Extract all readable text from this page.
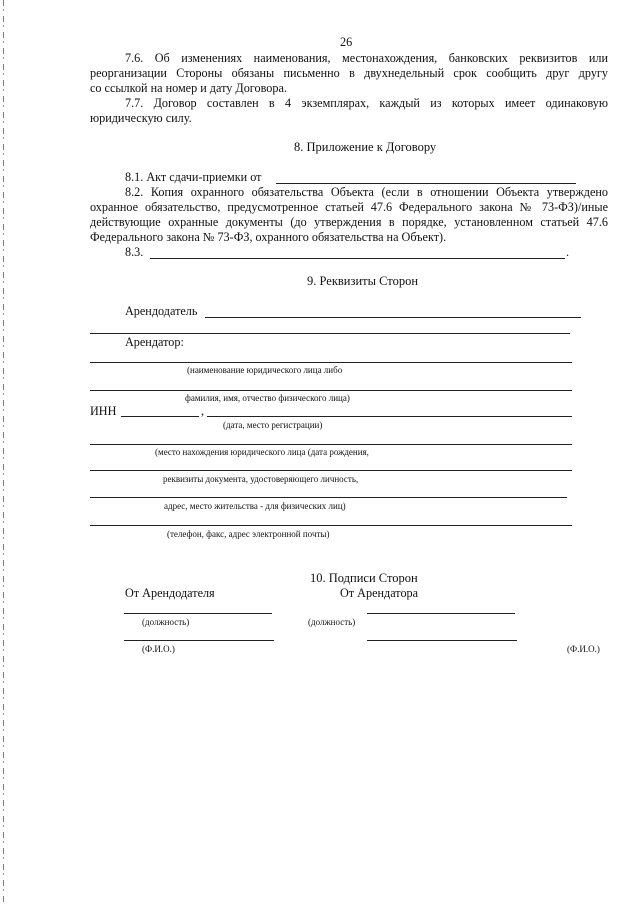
26
7.6. Об изменениях наименования, местонахождения, банковских реквизитов или
реорганизации Стороны обязаны письменно в двухнедельный срок сообщить друг другу
со ссылкой на номер и дату Договора.
7.7. Договор составлен в 4 экземплярах, каждый из которых имеет одинаковую
юридическую силу.
8. Приложение к Договору
8.1. Акт сдачи-приемки от
8.2. Копия охранного обязательства Объекта (если в отношении Объекта утверждено
охранное обязательство, предусмотренное статьей 47.6 Федерального закона № 73-ФЗ)/иные
действующие охранные документы (до утверждения в порядке, установленном статьей 47.6
Федерального закона № 73-ФЗ, охранного обязательства на Объект).
8.3.	.
9. Реквизиты Сторон
Арендодатель
Арендатор:
(наименование юридического лица либо
фамилия, имя, отчество физического лица)
ИНН	,
(дата, место регистрации)
(место нахождения юридического лица (дата рождения,
реквизиты документа, удостоверяющего личность,
адрес, место жительства - для физических лиц)
(телефон, факс, адрес электронной почты)
10. Подписи Сторон
От Арендодателя	От Арендатора
(должность)	(должность)
(Ф.И.О.)	(Ф.И.О.)
